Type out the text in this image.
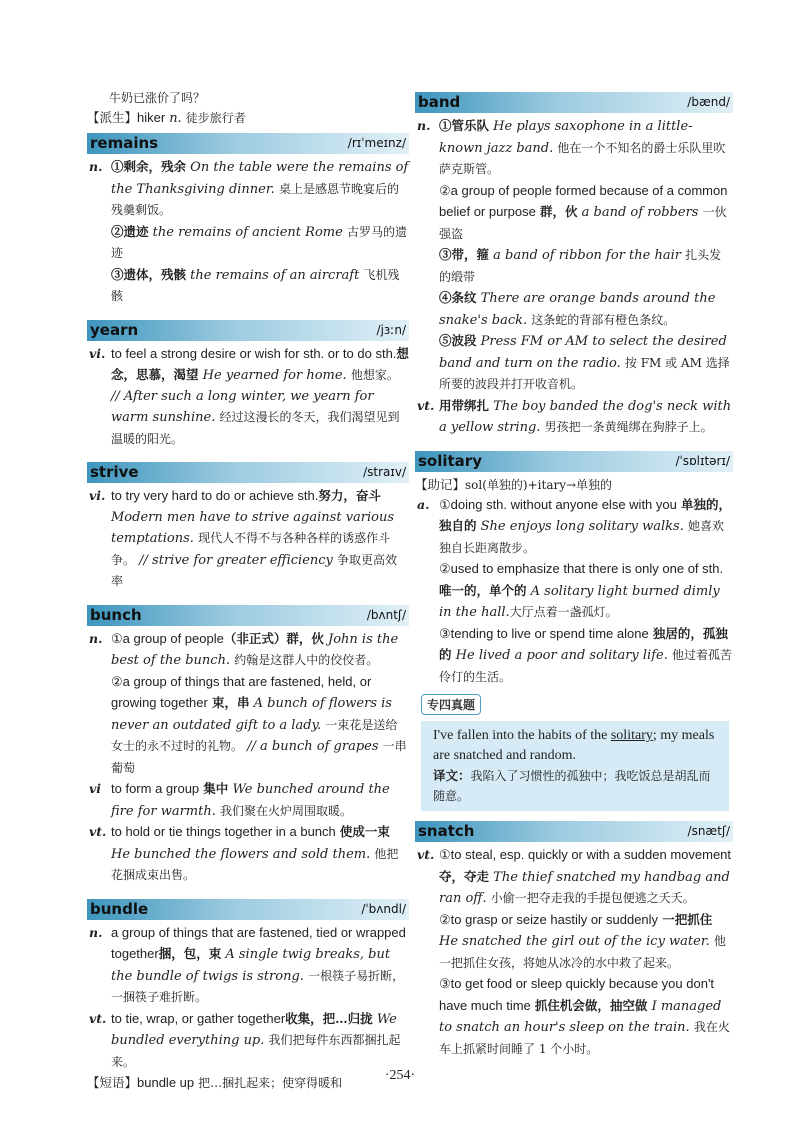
牛奶已涨价了吗？

【派生】hiker n. 徒步旅行者

remains	/rɪˈmeɪnz/

n. ①剩余，残余 On the table were the remains of the Thanksgiving dinner. 桌上是感恩节晚宴后的残羹剩饭。

②遗迹 the remains of ancient Rome 古罗马的遗迹

③遗体，残骸 the remains of an aircraft 飞机残骸

yearn	/jɜːn/

vi. to feel a strong desire or wish for sth. or to do sth.想念，思慕，渴望 He yearned for home. 他想家。 // After such a long winter, we yearn for warm sunshine. 经过这漫长的冬天，我们渴望见到温暖的阳光。

strive	/straɪv/

vi. to try very hard to do or achieve sth.努力，奋斗 Modern men have to strive against various temptations. 现代人不得不与各种各样的诱惑作斗争。 // strive for greater efficiency 争取更高效率

bunch	/bʌntʃ/

n. ①a group of people（非正式）群，伙 John is the best of the bunch. 约翰是这群人中的佼佼者。

②a group of things that are fastened, held, or growing together 束，串 A bunch of flowers is never an outdated gift to a lady. 一束花是送给女士的永不过时的礼物。 // a bunch of grapes 一串葡萄

vi to form a group 集中 We bunched around the fire for warmth. 我们聚在火炉周围取暖。

vt. to hold or tie things together in a bunch 使成一束 He bunched the flowers and sold them. 他把花捆成束出售。

bundle	/ˈbʌndl/

n. a group of things that are fastened, tied or wrapped together捆，包，束 A single twig breaks, but the bundle of twigs is strong. 一根筷子易折断，一捆筷子难折断。

vt. to tie, wrap, or gather together收集，把…归拢 We bundled everything up. 我们把每件东西都捆扎起来。

【短语】bundle up 把…捆扎起来；使穿得暖和

band	/bænd/

n. ①管乐队 He plays saxophone in a little-known jazz band. 他在一个不知名的爵士乐队里吹萨克斯管。

②a group of people formed because of a common belief or purpose 群，伙 a band of robbers 一伙强盗

③带，箍 a band of ribbon for the hair 扎头发的缎带

④条纹 There are orange bands around the snake's back. 这条蛇的背部有橙色条纹。

⑤波段 Press FM or AM to select the desired band and turn on the radio. 按 FM 或 AM 选择所要的波段并打开收音机。

vt. 用带绑扎 The boy banded the dog's neck with a yellow string. 男孩把一条黄绳绑在狗脖子上。

solitary	/ˈsɒlɪtərɪ/

【助记】sol(单独的)+itary→单独的

a. ①doing sth. without anyone else with you 单独的，独自的 She enjoys long solitary walks. 她喜欢独自长距离散步。

②used to emphasize that there is only one of sth. 唯一的，单个的 A solitary light burned dimly in the hall.大厅点着一盏孤灯。

③tending to live or spend time alone 独居的，孤独的 He lived a poor and solitary life. 他过着孤苦伶仃的生活。

专四真题
I've fallen into the habits of the solitary; my meals are snatched and random.
译文：我陷入了习惯性的孤独中；我吃饭总是胡乱而随意。
snatch	/snætʃ/

vt. ①to steal, esp. quickly or with a sudden movement夺，夺走 The thief snatched my handbag and ran off. 小偷一把夺走我的手提包便逃之夭夭。

②to grasp or seize hastily or suddenly 一把抓住 He snatched the girl out of the icy water. 他一把抓住女孩，将她从冰冷的水中救了起来。

③to get food or sleep quickly because you don't have much time 抓住机会做，抽空做 I managed to snatch an hour's sleep on the train. 我在火车上抓紧时间睡了 1 个小时。

·254·
